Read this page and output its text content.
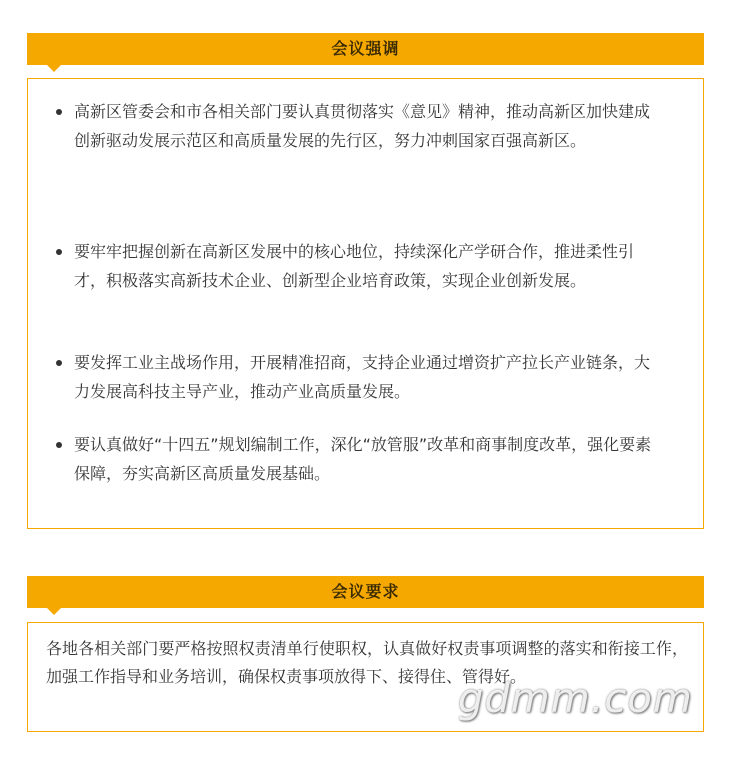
会议强调
高新区管委会和市各相关部门要认真贯彻落实《意见》精神，推动高新区加快建成创新驱动发展示范区和高质量发展的先行区，努力冲刺国家百强高新区。
要牢牢把握创新在高新区发展中的核心地位，持续深化产学研合作，推进柔性引才，积极落实高新技术企业、创新型企业培育政策，实现企业创新发展。
要发挥工业主战场作用，开展精准招商，支持企业通过增资扩产拉长产业链条，大力发展高科技主导产业，推动产业高质量发展。
要认真做好“十四五”规划编制工作，深化“放管服”改革和商事制度改革，强化要素保障，夯实高新区高质量发展基础。
会议要求
各地各相关部门要严格按照权责清单行使职权，认真做好权责事项调整的落实和衔接工作，加强工作指导和业务培训，确保权责事项放得下、接得住、管得好。
gdmm.com
